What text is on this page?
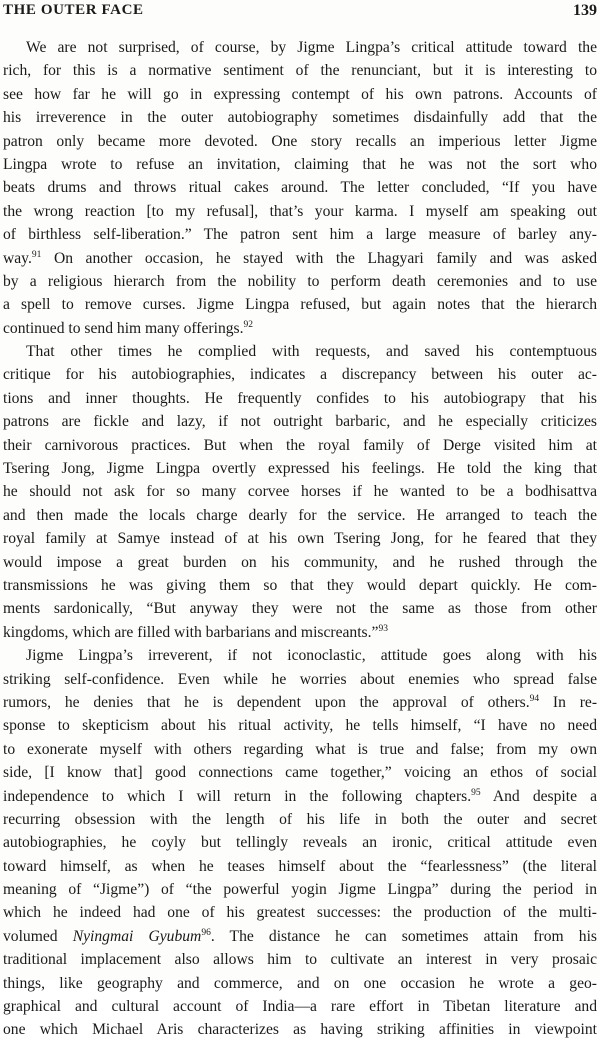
THE OUTER FACE	139
We are not surprised, of course, by Jigme Lingpa’s critical attitude toward the
rich, for this is a normative sentiment of the renunciant, but it is interesting to
see how far he will go in expressing contempt of his own patrons. Accounts of
his irreverence in the outer autobiography sometimes disdainfully add that the
patron only became more devoted. One story recalls an imperious letter Jigme
Lingpa wrote to refuse an invitation, claiming that he was not the sort who
beats drums and throws ritual cakes around. The letter concluded, “If you have
the wrong reaction [to my refusal], that’s your karma. I myself am speaking out
of birthless self-liberation.” The patron sent him a large measure of barley any-
way.$^{91}$ On another occasion, he stayed with the Lhagyari family and was asked
by a religious hierarch from the nobility to perform death ceremonies and to use
a spell to remove curses. Jigme Lingpa refused, but again notes that the hierarch
continued to send him many offerings.$^{92}$
That other times he complied with requests, and saved his contemptuous
critique for his autobiographies, indicates a discrepancy between his outer ac-
tions and inner thoughts. He frequently confides to his autobiograpy that his
patrons are fickle and lazy, if not outright barbaric, and he especially criticizes
their carnivorous practices. But when the royal family of Derge visited him at
Tsering Jong, Jigme Lingpa overtly expressed his feelings. He told the king that
he should not ask for so many corvee horses if he wanted to be a bodhisattva
and then made the locals charge dearly for the service. He arranged to teach the
royal family at Samye instead of at his own Tsering Jong, for he feared that they
would impose a great burden on his community, and he rushed through the
transmissions he was giving them so that they would depart quickly. He com-
ments sardonically, “But anyway they were not the same as those from other
kingdoms, which are filled with barbarians and miscreants.”$^{93}$
Jigme Lingpa’s irreverent, if not iconoclastic, attitude goes along with his
striking self-confidence. Even while he worries about enemies who spread false
rumors, he denies that he is dependent upon the approval of others.$^{94}$ In re-
sponse to skepticism about his ritual activity, he tells himself, “I have no need
to exonerate myself with others regarding what is true and false; from my own
side, [I know that] good connections came together,” voicing an ethos of social
independence to which I will return in the following chapters.$^{95}$ And despite a
recurring obsession with the length of his life in both the outer and secret
autobiographies, he coyly but tellingly reveals an ironic, critical attitude even
toward himself, as when he teases himself about the “fearlessness” (the literal
meaning of “Jigme”) of “the powerful yogin Jigme Lingpa” during the period in
which he indeed had one of his greatest successes: the production of the multi-
volumed Nyingmai Gyubum$^{96}$. The distance he can sometimes attain from his
traditional implacement also allows him to cultivate an interest in very prosaic
things, like geography and commerce, and on one occasion he wrote a geo-
graphical and cultural account of India—a rare effort in Tibetan literature and
one which Michael Aris characterizes as having striking affinities in viewpoint
